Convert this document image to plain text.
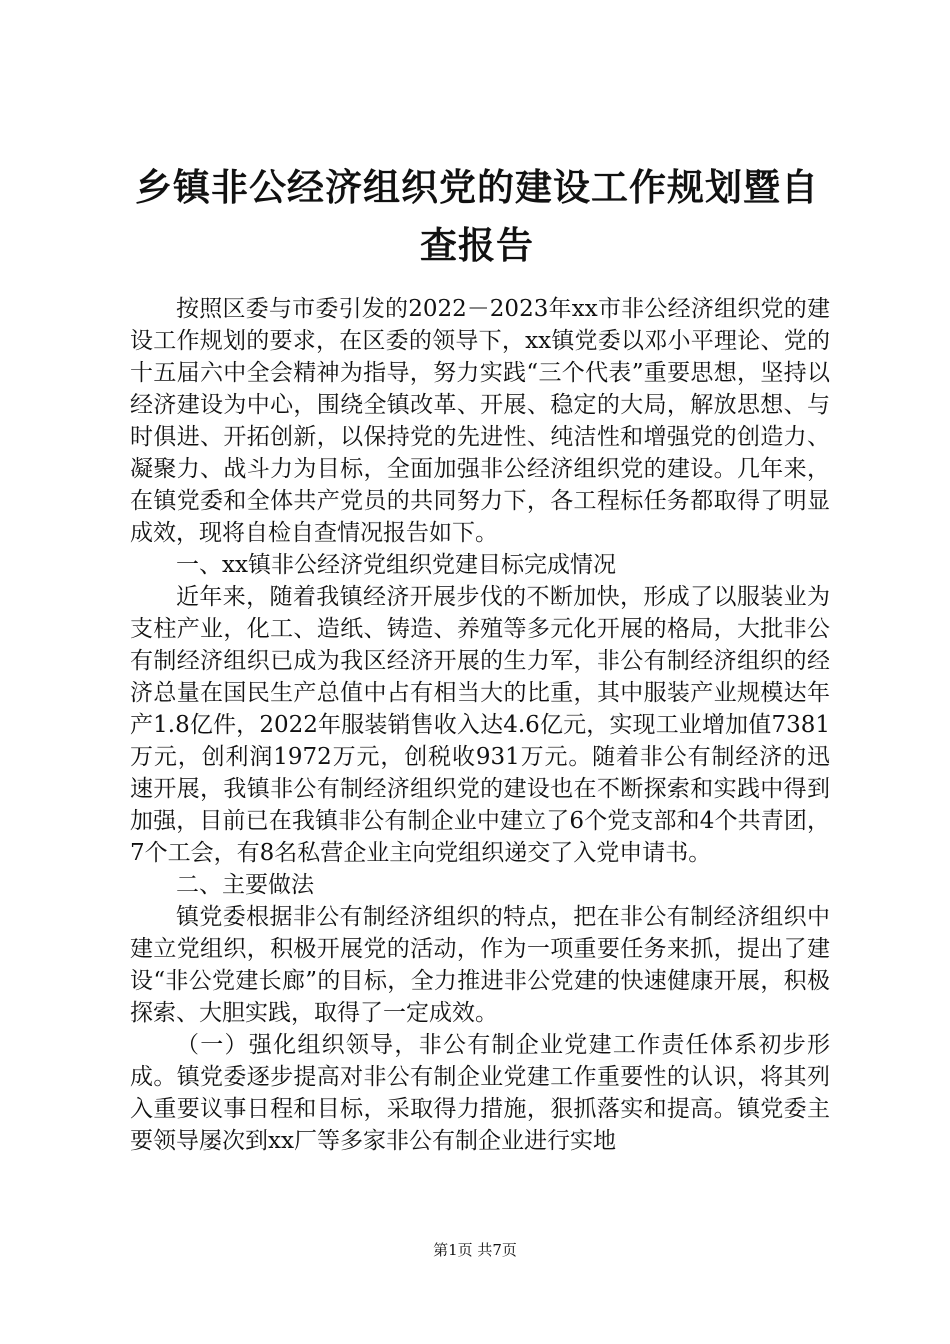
乡镇非公经济组织党的建设工作规划暨自查报告

按照区委与市委引发的2022－2023年xx市非公经济组织党的建设工作规划的要求，在区委的领导下，xx镇党委以邓小平理论、党的十五届六中全会精神为指导，努力实践“三个代表”重要思想，坚持以经济建设为中心，围绕全镇改革、开展、稳定的大局，解放思想、与时俱进、开拓创新，以保持党的先进性、纯洁性和增强党的创造力、凝聚力、战斗力为目标，全面加强非公经济组织党的建设。几年来，在镇党委和全体共产党员的共同努力下，各工程标任务都取得了明显成效，现将自检自查情况报告如下。

一、xx镇非公经济党组织党建目标完成情况

近年来，随着我镇经济开展步伐的不断加快，形成了以服装业为支柱产业，化工、造纸、铸造、养殖等多元化开展的格局，大批非公有制经济组织已成为我区经济开展的生力军，非公有制经济组织的经济总量在国民生产总值中占有相当大的比重，其中服装产业规模达年产1.8亿件，2022年服装销售收入达4.6亿元，实现工业增加值7381万元，创利润1972万元，创税收931万元。随着非公有制经济的迅速开展，我镇非公有制经济组织党的建设也在不断探索和实践中得到加强，目前已在我镇非公有制企业中建立了6个党支部和4个共青团，7个工会，有8名私营企业主向党组织递交了入党申请书。

二、主要做法

镇党委根据非公有制经济组织的特点，把在非公有制经济组织中建立党组织，积极开展党的活动，作为一项重要任务来抓，提出了建设“非公党建长廊”的目标，全力推进非公党建的快速健康开展，积极探索、大胆实践，取得了一定成效。

（一）强化组织领导，非公有制企业党建工作责任体系初步形成。镇党委逐步提高对非公有制企业党建工作重要性的认识，将其列入重要议事日程和目标，采取得力措施，狠抓落实和提高。镇党委主要领导屡次到xx厂等多家非公有制企业进行实地

第1页 共7页
